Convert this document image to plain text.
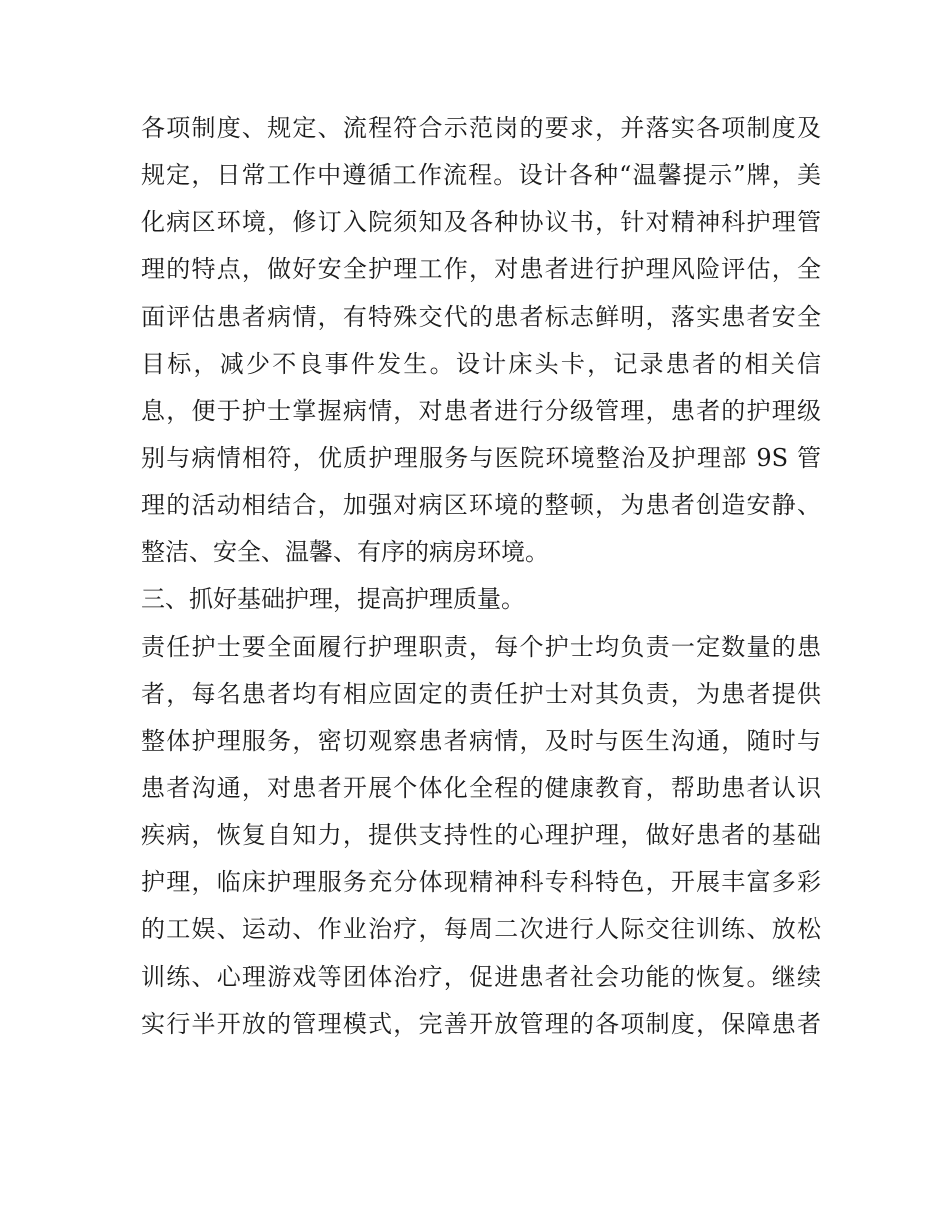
各项制度、规定、流程符合示范岗的要求，并落实各项制度及
规定，日常工作中遵循工作流程。设计各种“温馨提示”牌，美
化病区环境，修订入院须知及各种协议书，针对精神科护理管
理的特点，做好安全护理工作，对患者进行护理风险评估，全
面评估患者病情，有特殊交代的患者标志鲜明，落实患者安全
目标，减少不良事件发生。设计床头卡，记录患者的相关信
息，便于护士掌握病情，对患者进行分级管理，患者的护理级
别与病情相符，优质护理服务与医院环境整治及护理部 9S 管
理的活动相结合，加强对病区环境的整顿，为患者创造安静、
整洁、安全、温馨、有序的病房环境。
三、抓好基础护理，提高护理质量。
责任护士要全面履行护理职责，每个护士均负责一定数量的患
者，每名患者均有相应固定的责任护士对其负责，为患者提供
整体护理服务，密切观察患者病情，及时与医生沟通，随时与
患者沟通，对患者开展个体化全程的健康教育，帮助患者认识
疾病，恢复自知力，提供支持性的心理护理，做好患者的基础
护理，临床护理服务充分体现精神科专科特色，开展丰富多彩
的工娱、运动、作业治疗，每周二次进行人际交往训练、放松
训练、心理游戏等团体治疗，促进患者社会功能的恢复。继续
实行半开放的管理模式，完善开放管理的各项制度，保障患者
